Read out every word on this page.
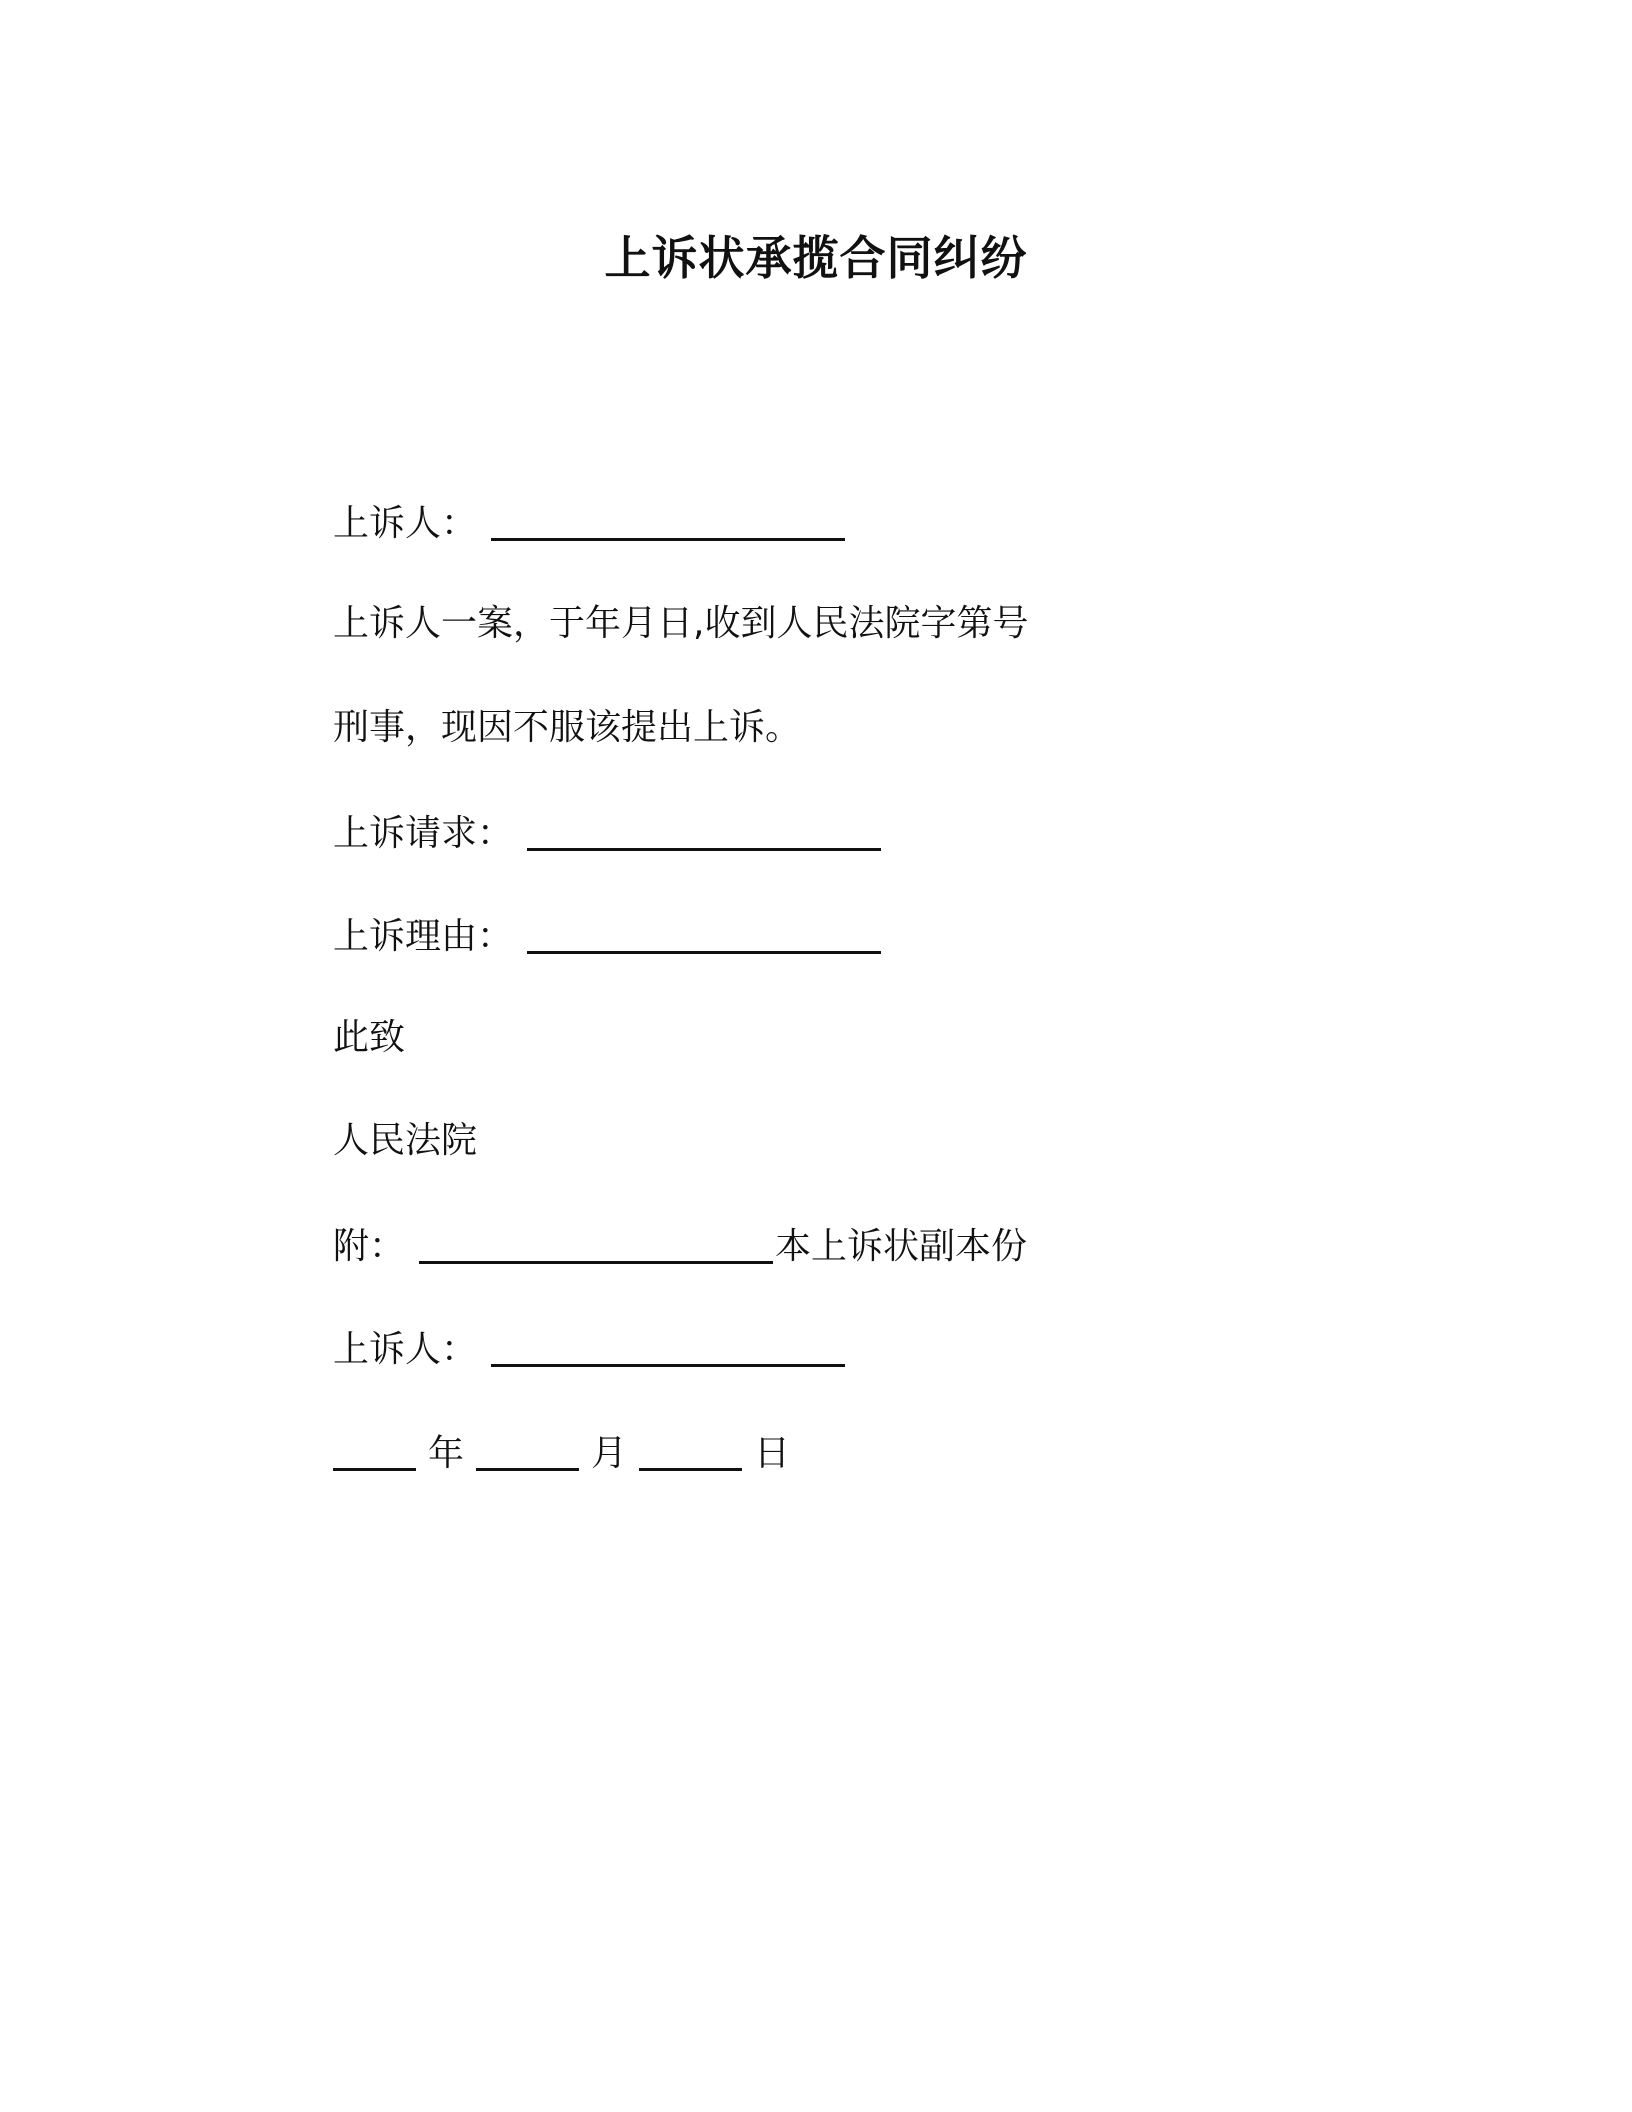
上诉状承揽合同纠纷
上诉人：
上诉人一案，于年月日,收到人民法院字第号
刑事，现因不服该提出上诉。
上诉请求：
上诉理由：
此致
人民法院
附：	本上诉状副本份
上诉人：
年	月	日
